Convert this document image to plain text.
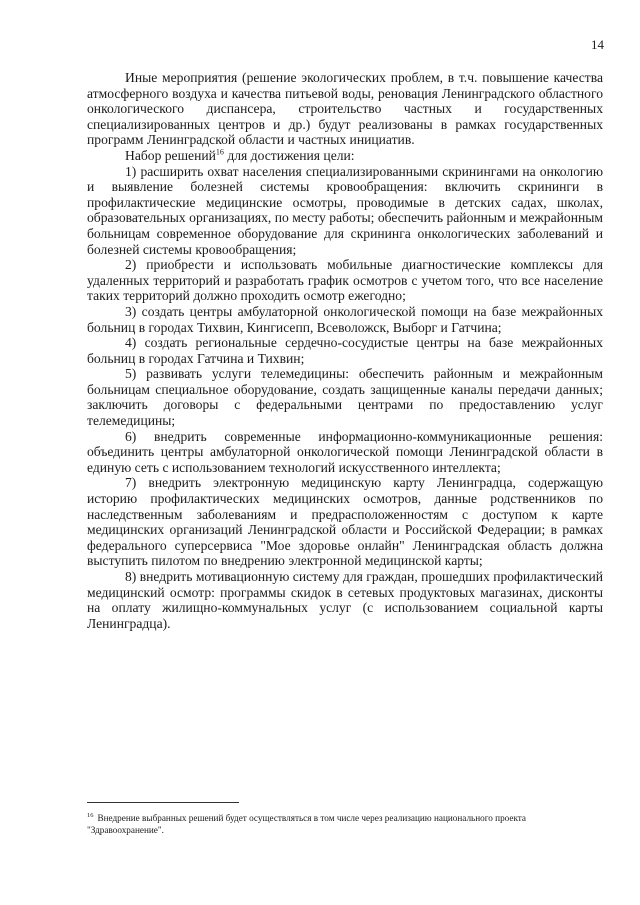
14

Иные мероприятия (решение экологических проблем, в т.ч. повышение качества атмосферного воздуха и качества питьевой воды, реновация Ленинградского областного онкологического диспансера, строительство частных и государственных специализированных центров и др.) будут реализованы в рамках государственных программ Ленинградской области и частных инициатив.

Набор решений$^{16}$ для достижения цели:

1) расширить охват населения специализированными скринингами на онкологию и выявление болезней системы кровообращения: включить скрининги в профилактические медицинские осмотры, проводимые в детских садах, школах, образовательных организациях, по месту работы; обеспечить районным и межрайонным больницам современное оборудование для скрининга онкологических заболеваний и болезней системы кровообращения;

2) приобрести и использовать мобильные диагностические комплексы для удаленных территорий и разработать график осмотров с учетом того, что все население таких территорий должно проходить осмотр ежегодно;

3) создать центры амбулаторной онкологической помощи на базе межрайонных больниц в городах Тихвин, Кингисепп, Всеволожск, Выборг и Гатчина;

4) создать региональные сердечно-сосудистые центры на базе межрайонных больниц в городах Гатчина и Тихвин;

5) развивать услуги телемедицины: обеспечить районным и межрайонным больницам специальное оборудование, создать защищенные каналы передачи данных; заключить договоры с федеральными центрами по предоставлению услуг телемедицины;

6) внедрить современные информационно-коммуникационные решения: объединить центры амбулаторной онкологической помощи Ленинградской области в единую сеть с использованием технологий искусственного интеллекта;

7) внедрить электронную медицинскую карту Ленинградца, содержащую историю профилактических медицинских осмотров, данные родственников по наследственным заболеваниям и предрасположенностям с доступом к карте медицинских организаций Ленинградской области и Российской Федерации; в рамках федерального суперсервиса "Мое здоровье онлайн" Ленинградская область должна выступить пилотом по внедрению электронной медицинской карты;

8) внедрить мотивационную систему для граждан, прошедших профилактический медицинский осмотр: программы скидок в сетевых продуктовых магазинах, дисконты на оплату жилищно-коммунальных услуг (с использованием социальной карты Ленинградца).

$^{16}$ Внедрение выбранных решений будет осуществляться в том числе через реализацию национального проекта "Здравоохранение".
